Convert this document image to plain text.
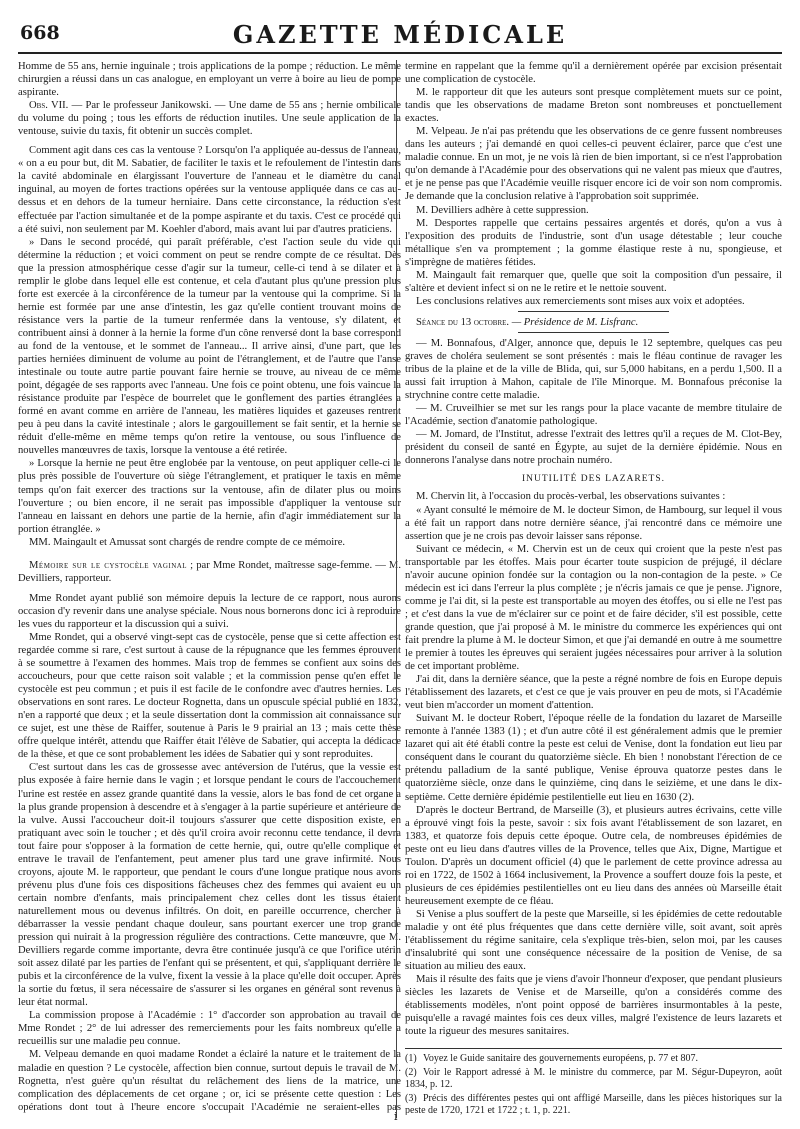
668	GAZETTE MÉDICALE

Homme de 55 ans, hernie inguinale ; trois applications de la pompe ; réduction. Le même chirurgien a réussi dans un cas analogue, en employant un verre à boire au lieu de pompe aspirante.

Obs. VII. — Par le professeur Janikowski. — Une dame de 55 ans ; hernie ombilicale du volume du poing ; tous les efforts de réduction inutiles. Une seule application de la ventouse, suivie du taxis, fit obtenir un succès complet.

Comment agit dans ces cas la ventouse ? Lorsqu'on l'a appliquée au-dessus de l'anneau, « on a eu pour but, dit M. Sabatier, de faciliter le taxis et le refoulement de l'intestin dans la cavité abdominale en élargissant l'ouverture de l'anneau et le diamètre du canal inguinal, au moyen de fortes tractions opérées sur la ventouse appliquée dans ce cas au-dessus et en dehors de la tumeur herniaire. Dans cette circonstance, la réduction s'est effectuée par l'action simultanée et de la pompe aspirante et du taxis. C'est ce procédé qui a été suivi, non seulement par M. Koehler d'abord, mais avant lui par d'autres praticiens.

» Dans le second procédé, qui paraît préférable, c'est l'action seule du vide qui détermine la réduction ; et voici comment on peut se rendre compte de ce résultat. Dès que la pression atmosphérique cesse d'agir sur la tumeur, celle-ci tend à se dilater et à remplir le globe dans lequel elle est contenue, et cela d'autant plus qu'une pression plus forte est exercée à la circonférence de la tumeur par la ventouse qui la comprime. Si la hernie est formée par une anse d'intestin, les gaz qu'elle contient trouvant moins de résistance vers la partie de la tumeur renfermée dans la ventouse, s'y dilatent, et contribuent ainsi à donner à la hernie la forme d'un cône renversé dont la base correspond au fond de la ventouse, et le sommet de l'anneau... Il arrive ainsi, d'une part, que les parties herniées diminuent de volume au point de l'étranglement, et de l'autre que l'anse intestinale ou toute autre partie pouvant faire hernie se trouve, au niveau de ce même point, dégagée de ses rapports avec l'anneau. Une fois ce point obtenu, une fois vaincue la résistance produite par l'espèce de bourrelet que le gonflement des parties étranglées a formé en avant comme en arrière de l'anneau, les matières liquides et gazeuses rentrent peu à peu dans la cavité intestinale ; alors le gargouillement se fait sentir, et la hernie se réduit d'elle-même en même temps qu'on retire la ventouse, ou sous l'influence de nouvelles manœuvres de taxis, lorsque la ventouse a été retirée.

» Lorsque la hernie ne peut être englobée par la ventouse, on peut appliquer celle-ci le plus près possible de l'ouverture où siège l'étranglement, et pratiquer le taxis en même temps qu'on fait exercer des tractions sur la ventouse, afin de dilater plus ou moins l'ouverture ; ou bien encore, il ne serait pas impossible d'appliquer la ventouse sur l'anneau en laissant en dehors une partie de la hernie, afin d'agir immédiatement sur la portion étranglée. »

MM. Maingault et Amussat sont chargés de rendre compte de ce mémoire.

Mémoire sur le cystocèle vaginal ; par Mme Rondet, maîtresse sage-femme. — M. Devilliers, rapporteur.

Mme Rondet ayant publié son mémoire depuis la lecture de ce rapport, nous aurons occasion d'y revenir dans une analyse spéciale. Nous nous bornerons donc ici à reproduire les vues du rapporteur et la discussion qui a suivi.

Mme Rondet, qui a observé vingt-sept cas de cystocèle, pense que si cette affection est regardée comme si rare, c'est surtout à cause de la répugnance que les femmes éprouvent à se soumettre à l'examen des hommes. Mais trop de femmes se confient aux soins des accoucheurs, pour que cette raison soit valable ; et la commission pense qu'en effet le cystocèle est peu commun ; et puis il est facile de le confondre avec d'autres hernies. Les observations en sont rares. Le docteur Rognetta, dans un opuscule spécial publié en 1832, n'en a rapporté que deux ; et la seule dissertation dont la commission ait connaissance sur ce sujet, est une thèse de Raiffer, soutenue à Paris le 9 prairial an 13 ; mais cette thèse offre quelque intérêt, attendu que Raiffer était l'élève de Sabatier, qui accepta la dédicace de la thèse, et que ce sont probablement les idées de Sabatier qui y sont reproduites.

C'est surtout dans les cas de grossesse avec antéversion de l'utérus, que la vessie est plus exposée à faire hernie dans le vagin ; et lorsque pendant le cours de l'accouchement l'urine est restée en assez grande quantité dans la vessie, alors le bas fond de cet organe a la plus grande propension à descendre et à s'engager à la partie supérieure et antérieure de la vulve. Aussi l'accoucheur doit-il toujours s'assurer que cette disposition existe, en pratiquant avec soin le toucher ; et dès qu'il croira avoir reconnu cette tendance, il devra tout faire pour s'opposer à la formation de cette hernie, qui, outre qu'elle complique et entrave le travail de l'enfantement, peut amener plus tard une grave infirmité. Nous croyons, ajoute M. le rapporteur, que pendant le cours d'une longue pratique nous avons prévenu plus d'une fois ces dispositions fâcheuses chez des femmes qui avaient eu un certain nombre d'enfants, mais principalement chez celles dont les tissus étaient naturellement mous ou devenus infiltrés. On doit, en pareille occurrence, chercher à débarrasser la vessie pendant chaque douleur, sans pourtant exercer une trop grande pression qui nuirait à la progression régulière des contractions. Cette manœuvre, que M. Devilliers regarde comme importante, devra être continuée jusqu'à ce que l'orifice utérin soit assez dilaté par les parties de l'enfant qui se présentent, et qui, s'appliquant derrière le pubis et la circonférence de la vulve, fixent la vessie à la place qu'elle doit occuper. Après la sortie du fœtus, il sera nécessaire de s'assurer si les organes en général sont revenus à leur état normal.

La commission propose à l'Académie : 1° d'accorder son approbation au travail de Mme Rondet ; 2° de lui adresser des remerciements pour les faits nombreux qu'elle a recueillis sur une maladie peu connue.

M. Velpeau demande en quoi madame Rondet a éclairé la nature et le traitement de la maladie en question ? Le cystocèle, affection bien connue, surtout depuis le travail de M. Rognetta, n'est guère qu'un résultat du relâchement des liens de la matrice, une complication des déplacements de cet organe ; or, ici se présente cette question : Les opérations dont tout à l'heure encore s'occupait l'Académie ne seraient-elles pas

termine en rappelant que la femme qu'il a dernièrement opérée par excision présentait une complication de cystocèle.

M. le rapporteur dit que les auteurs sont presque complètement muets sur ce point, tandis que les observations de madame Breton sont nombreuses et ponctuellement exactes.

M. Velpeau. Je n'ai pas prétendu que les observations de ce genre fussent nombreuses dans les auteurs ; j'ai demandé en quoi celles-ci peuvent éclairer, parce que c'est une maladie connue. En un mot, je ne vois là rien de bien important, si ce n'est l'approbation qu'on demande à l'Académie pour des observations qui ne valent pas mieux que d'autres, et je ne pense pas que l'Académie veuille risquer encore ici de voir son nom compromis. Je demande que la conclusion relative à l'approbation soit supprimée.

M. Devilliers adhère à cette suppression.

M. Desportes rappelle que certains pessaires argentés et dorés, qu'on a vus à l'exposition des produits de l'industrie, sont d'un usage détestable ; leur couche métallique s'en va promptement ; la gomme élastique reste à nu, spongieuse, et s'imprègne de matières fétides.

M. Maingault fait remarquer que, quelle que soit la composition d'un pessaire, il s'altère et devient infect si on ne le retire et le nettoie souvent.

Les conclusions relatives aux remerciements sont mises aux voix et adoptées.

Séance du 13 octobre. — Présidence de M. Lisfranc.

— M. Bonnafous, d'Alger, annonce que, depuis le 12 septembre, quelques cas peu graves de choléra seulement se sont présentés : mais le fléau continue de ravager les tribus de la plaine et de la ville de Blida, qui, sur 5,000 habitans, en a perdu 1,500. Il a aussi fait irruption à Mahon, capitale de l'île Minorque. M. Bonnafous préconise la strychnine contre cette maladie.

— M. Cruveilhier se met sur les rangs pour la place vacante de membre titulaire de l'Académie, section d'anatomie pathologique.

— M. Jomard, de l'Institut, adresse l'extrait des lettres qu'il a reçues de M. Clot-Bey, président du conseil de santé en Égypte, au sujet de la dernière épidémie. Nous en donnerons l'analyse dans notre prochain numéro.

INUTILITÉ DES LAZARETS.

M. Chervin lit, à l'occasion du procès-verbal, les observations suivantes :

« Ayant consulté le mémoire de M. le docteur Simon, de Hambourg, sur lequel il vous a été fait un rapport dans notre dernière séance, j'ai rencontré dans ce mémoire une assertion que je ne crois pas devoir laisser sans réponse.

Suivant ce médecin, « M. Chervin est un de ceux qui croient que la peste n'est pas transportable par les étoffes. Mais pour écarter toute suspicion de préjugé, il déclare n'avoir aucune opinion fondée sur la contagion ou la non-contagion de la peste. » Ce médecin est ici dans l'erreur la plus complète ; je n'écris jamais ce que je pense. J'ignore, comme je l'ai dit, si la peste est transportable au moyen des étoffes, ou si elle ne l'est pas ; et c'est dans la vue de m'éclairer sur ce point et de faire décider, s'il est possible, cette grande question, que j'ai proposé à M. le ministre du commerce les expériences qui ont fait prendre la plume à M. le docteur Simon, et que j'ai demandé en outre à me soumettre le premier à toutes les épreuves qui seraient jugées nécessaires pour arriver à la solution de cet important problème.

J'ai dit, dans la dernière séance, que la peste a régné nombre de fois en Europe depuis l'établissement des lazarets, et c'est ce que je vais prouver en peu de mots, si l'Académie veut bien m'accorder un moment d'attention.

Suivant M. le docteur Robert, l'époque réelle de la fondation du lazaret de Marseille remonte à l'année 1383 (1) ; et d'un autre côté il est généralement admis que le premier lazaret qui ait été établi contre la peste est celui de Venise, dont la fondation eut lieu par conséquent dans le courant du quatorzième siècle. Eh bien ! nonobstant l'érection de ce prétendu palladium de la santé publique, Venise éprouva quatorze pestes dans le quatorzième siècle, onze dans le quinzième, cinq dans le seizième, et une dans le dix-septième. Cette dernière épidémie pestilentielle eut lieu en 1630 (2).

D'après le docteur Bertrand, de Marseille (3), et plusieurs autres écrivains, cette ville a éprouvé vingt fois la peste, savoir : six fois avant l'établissement de son lazaret, en 1383, et quatorze fois depuis cette époque. Outre cela, de nombreuses épidémies de peste ont eu lieu dans d'autres villes de la Provence, telles que Aix, Digne, Martigue et Toulon. D'après un document officiel (4) que le parlement de cette province adressa au roi en 1722, de 1502 à 1664 inclusivement, la Provence a souffert douze fois la peste, et plusieurs de ces épidémies pestilentielles ont eu lieu dans des années où Marseille était heureusement exempte de ce fléau.

Si Venise a plus souffert de la peste que Marseille, si les épidémies de cette redoutable maladie y ont été plus fréquentes que dans cette dernière ville, soit avant, soit après l'établissement du régime sanitaire, cela s'explique très-bien, selon moi, par les causes d'insalubrité qui sont une conséquence nécessaire de la position de Venise, de sa situation au milieu des eaux.

Mais il résulte des faits que je viens d'avoir l'honneur d'exposer, que pendant plusieurs siècles les lazarets de Venise et de Marseille, qu'on a considérés comme des établissements modèles, n'ont point opposé de barrières insurmontables à la peste, puisqu'elle a ravagé maintes fois ces deux villes, malgré l'existence de leurs lazarets et toute la rigueur des mesures sanitaires.

(1) Voyez le Guide sanitaire des gouvernements européens, p. 77 et 807.

(2) Voir le Rapport adressé à M. le ministre du commerce, par M. Ségur-Dupeyron, août 1834, p. 12.

(3) Précis des différentes pestes qui ont affligé Marseille, dans les pièces historiques sur la peste de 1720, 1721 et 1722 ; t. 1, p. 221.

i
